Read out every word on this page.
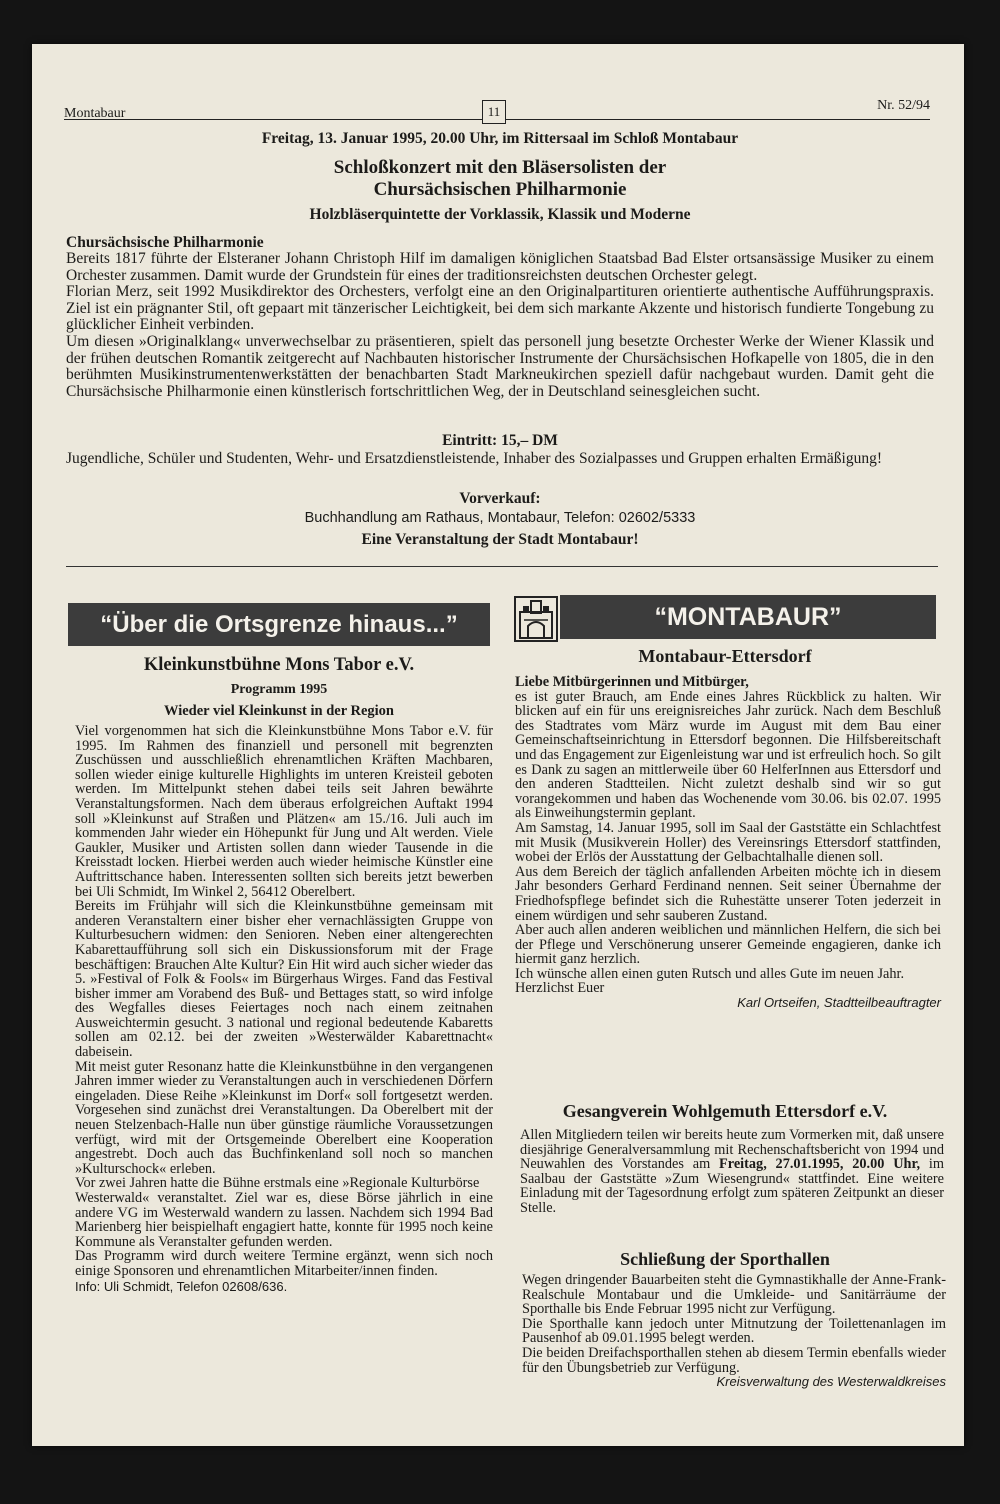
Montabaur
Nr. 52/94
11
Freitag, 13. Januar 1995, 20.00 Uhr, im Rittersaal im Schloß Montabaur
Schloßkonzert mit den Bläsersolisten der
Chursächsischen Philharmonie
Holzbläserquintette der Vorklassik, Klassik und Moderne
Chursächsische Philharmonie
Bereits 1817 führte der Elsteraner Johann Christoph Hilf im damaligen königlichen Staatsbad Bad Elster ortsansässige Musiker zu einem Orchester zusammen. Damit wurde der Grundstein für eines der traditionsreichsten deutschen Orchester gelegt.
Florian Merz, seit 1992 Musikdirektor des Orchesters, verfolgt eine an den Originalpartituren orientierte authentische Aufführungspraxis. Ziel ist ein prägnanter Stil, oft gepaart mit tänzerischer Leichtigkeit, bei dem sich markante Akzente und historisch fundierte Tongebung zu glücklicher Einheit verbinden.
Um diesen »Originalklang« unverwechselbar zu präsentieren, spielt das personell jung besetzte Orchester Werke der Wiener Klassik und der frühen deutschen Romantik zeitgerecht auf Nachbauten historischer Instrumente der Chursächsischen Hofkapelle von 1805, die in den berühmten Musikinstrumentenwerkstätten der benachbarten Stadt Markneukirchen speziell dafür nachgebaut wurden. Damit geht die Chursächsische Philharmonie einen künstlerisch fortschrittlichen Weg, der in Deutschland seinesgleichen sucht.
Eintritt: 15,– DM
Jugendliche, Schüler und Studenten, Wehr- und Ersatzdienstleistende, Inhaber des Sozialpasses und Gruppen erhalten Ermäßigung!
Vorverkauf:
Buchhandlung am Rathaus, Montabaur, Telefon: 02602/5333
Eine Veranstaltung der Stadt Montabaur!
“Über die Ortsgrenze hinaus...”
Kleinkunstbühne Mons Tabor e.V.
Programm 1995
Wieder viel Kleinkunst in der Region

Viel vorgenommen hat sich die Kleinkunstbühne Mons Tabor e.V. für 1995. Im Rahmen des finanziell und personell mit begrenzten Zuschüssen und ausschließlich ehrenamtlichen Kräften Machbaren, sollen wieder einige kulturelle Highlights im unteren Kreisteil geboten werden. Im Mittelpunkt stehen dabei teils seit Jahren bewährte Veranstaltungsformen. Nach dem überaus erfolgreichen Auftakt 1994 soll »Kleinkunst auf Straßen und Plätzen« am 15./16. Juli auch im kommenden Jahr wieder ein Höhepunkt für Jung und Alt werden. Viele Gaukler, Musiker und Artisten sollen dann wieder Tausende in die Kreisstadt locken. Hierbei werden auch wieder heimische Künstler eine Auftrittschance haben. Interessenten sollten sich bereits jetzt bewerben bei Uli Schmidt, Im Winkel 2, 56412 Oberelbert.

Bereits im Frühjahr will sich die Kleinkunstbühne gemeinsam mit anderen Veranstaltern einer bisher eher vernachlässigten Gruppe von Kulturbesuchern widmen: den Senioren. Neben einer altengerechten Kabarettaufführung soll sich ein Diskussionsforum mit der Frage beschäftigen: Brauchen Alte Kultur? Ein Hit wird auch sicher wieder das 5. »Festival of Folk & Fools« im Bürgerhaus Wirges. Fand das Festival bisher immer am Vorabend des Buß- und Bettages statt, so wird infolge des Wegfalles dieses Feiertages noch nach einem zeitnahen Ausweichtermin gesucht. 3 national und regional bedeutende Kabaretts sollen am 02.12. bei der zweiten »Westerwälder Kabarettnacht« dabeisein.

Mit meist guter Resonanz hatte die Kleinkunstbühne in den vergangenen Jahren immer wieder zu Veranstaltungen auch in verschiedenen Dörfern eingeladen. Diese Reihe »Kleinkunst im Dorf« soll fortgesetzt werden. Vorgesehen sind zunächst drei Veranstaltungen. Da Oberelbert mit der neuen Stelzenbach-Halle nun über günstige räumliche Voraussetzungen verfügt, wird mit der Ortsgemeinde Oberelbert eine Kooperation angestrebt. Doch auch das Buchfinkenland soll noch so manchen »Kulturschock« erleben.

Vor zwei Jahren hatte die Bühne erstmals eine »Regionale Kulturbörse

Westerwald« veranstaltet. Ziel war es, diese Börse jährlich in eine andere VG im Westerwald wandern zu lassen. Nachdem sich 1994 Bad Marienberg hier beispielhaft engagiert hatte, konnte für 1995 noch keine Kommune als Veranstalter gefunden werden.

Das Programm wird durch weitere Termine ergänzt, wenn sich noch einige Sponsoren und ehrenamtlichen Mitarbeiter/innen finden.

Info: Uli Schmidt, Telefon 02608/636.

“MONTABAUR”
Montabaur-Ettersdorf

Liebe Mitbürgerinnen und Mitbürger,

es ist guter Brauch, am Ende eines Jahres Rückblick zu halten. Wir blicken auf ein für uns ereignisreiches Jahr zurück. Nach dem Beschluß des Stadtrates vom März wurde im August mit dem Bau einer Gemeinschaftseinrichtung in Ettersdorf begonnen. Die Hilfsbereitschaft und das Engagement zur Eigenleistung war und ist erfreulich hoch. So gilt es Dank zu sagen an mittlerweile über 60 HelferInnen aus Ettersdorf und den anderen Stadtteilen. Nicht zuletzt deshalb sind wir so gut vorangekommen und haben das Wochenende vom 30.06. bis 02.07. 1995 als Einweihungstermin geplant.

Am Samstag, 14. Januar 1995, soll im Saal der Gaststätte ein Schlachtfest mit Musik (Musikverein Holler) des Vereinsrings Ettersdorf stattfinden, wobei der Erlös der Ausstattung der Gelbachtalhalle dienen soll.

Aus dem Bereich der täglich anfallenden Arbeiten möchte ich in diesem Jahr besonders Gerhard Ferdinand nennen. Seit seiner Übernahme der Friedhofspflege befindet sich die Ruhestätte unserer Toten jederzeit in einem würdigen und sehr sauberen Zustand.

Aber auch allen anderen weiblichen und männlichen Helfern, die sich bei der Pflege und Verschönerung unserer Gemeinde engagieren, danke ich hiermit ganz herzlich.

Ich wünsche allen einen guten Rutsch und alles Gute im neuen Jahr.

Herzlichst Euer

Karl Ortseifen, Stadtteilbeauftragter

Gesangverein Wohlgemuth Ettersdorf e.V.
Allen Mitgliedern teilen wir bereits heute zum Vormerken mit, daß unsere diesjährige Generalversammlung mit Rechenschaftsbericht von 1994 und Neuwahlen des Vorstandes am Freitag, 27.01.1995, 20.00 Uhr, im Saalbau der Gaststätte »Zum Wiesengrund« stattfindet. Eine weitere Einladung mit der Tagesordnung erfolgt zum späteren Zeitpunkt an dieser Stelle.
Schließung der Sporthallen

Wegen dringender Bauarbeiten steht die Gymnastikhalle der Anne-Frank-Realschule Montabaur und die Umkleide- und Sanitärräume der Sporthalle bis Ende Februar 1995 nicht zur Verfügung.

Die Sporthalle kann jedoch unter Mitnutzung der Toilettenanlagen im Pausenhof ab 09.01.1995 belegt werden.

Die beiden Dreifachsporthallen stehen ab diesem Termin ebenfalls wieder für den Übungsbetrieb zur Verfügung.

Kreisverwaltung des Westerwaldkreises
